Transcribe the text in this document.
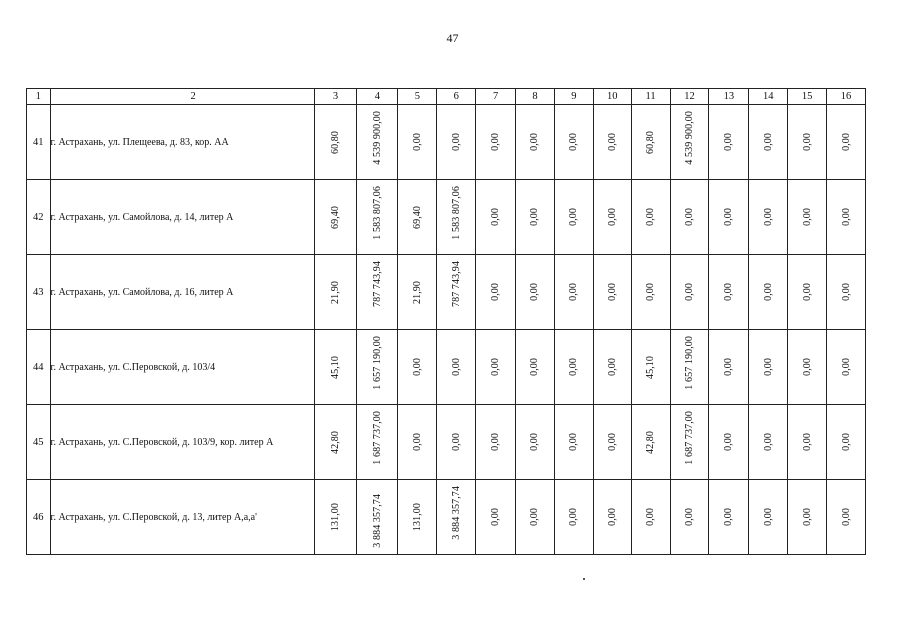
47
1	2	3	4	5	6	7	8	9	10	11	12	13	14	15	16
41	г. Астрахань, ул. Плещеева, д. 83, кор. АА	60,80	4 539 900,00	0,00	0,00	0,00	0,00	0,00	0,00	60,80	4 539 900,00	0,00	0,00	0,00	0,00

42	г. Астрахань, ул. Самойлова, д. 14, литер А	69,40	1 583 807,06	69,40	1 583 807,06	0,00	0,00	0,00	0,00	0,00	0,00	0,00	0,00	0,00	0,00

43	г. Астрахань, ул. Самойлова, д. 16, литер А	21,90	787 743,94	21,90	787 743,94	0,00	0,00	0,00	0,00	0,00	0,00	0,00	0,00	0,00	0,00

44	г. Астрахань, ул. С.Перовской, д. 103/4	45,10	1 657 190,00	0,00	0,00	0,00	0,00	0,00	0,00	45,10	1 657 190,00	0,00	0,00	0,00	0,00

45	г. Астрахань, ул. С.Перовской, д. 103/9, кор. литер А	42,80	1 687 737,00	0,00	0,00	0,00	0,00	0,00	0,00	42,80	1 687 737,00	0,00	0,00	0,00	0,00

46	г. Астрахань, ул. С.Перовской, д. 13, литер А,а,а'	131,00	3 884 357,74	131,00	3 884 357,74	0,00	0,00	0,00	0,00	0,00	0,00	0,00	0,00	0,00	0,00
